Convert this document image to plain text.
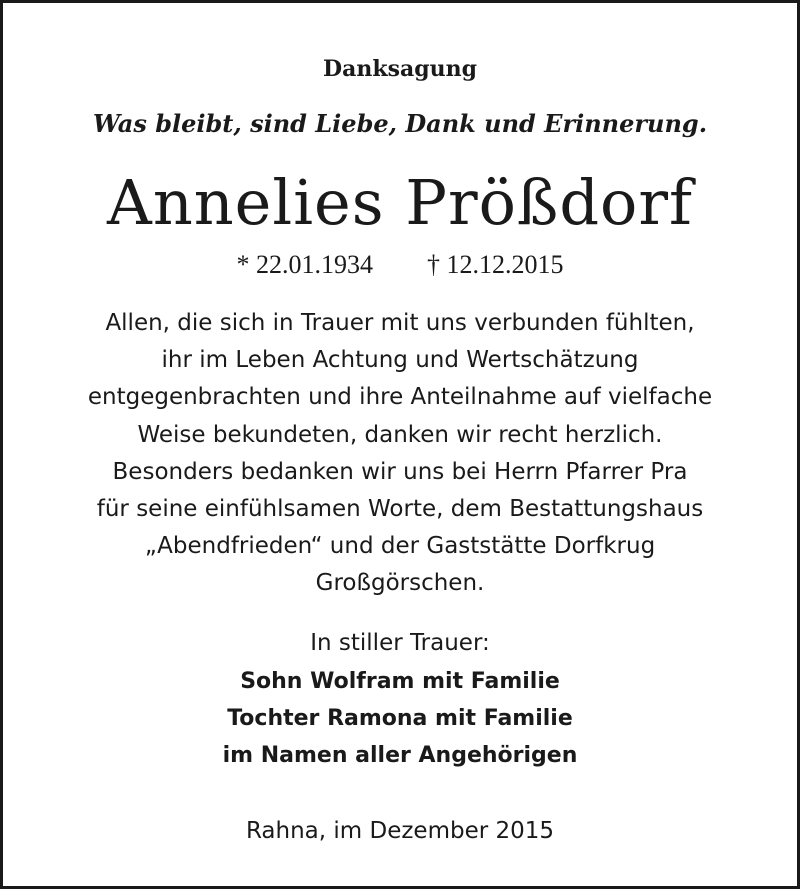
Danksagung
Was bleibt, sind Liebe, Dank und Erinnerung.
Annelies Prößdorf
* 22.01.1934 † 12.12.2015
Allen, die sich in Trauer mit uns verbunden fühlten,
ihr im Leben Achtung und Wertschätzung
entgegenbrachten und ihre Anteilnahme auf vielfache
Weise bekundeten, danken wir recht herzlich.
Besonders bedanken wir uns bei Herrn Pfarrer Pra
für seine einfühlsamen Worte, dem Bestattungshaus
„Abendfrieden“ und der Gaststätte Dorfkrug
Großgörschen.
In stiller Trauer:
Sohn Wolfram mit Familie
Tochter Ramona mit Familie
im Namen aller Angehörigen
Rahna, im Dezember 2015
